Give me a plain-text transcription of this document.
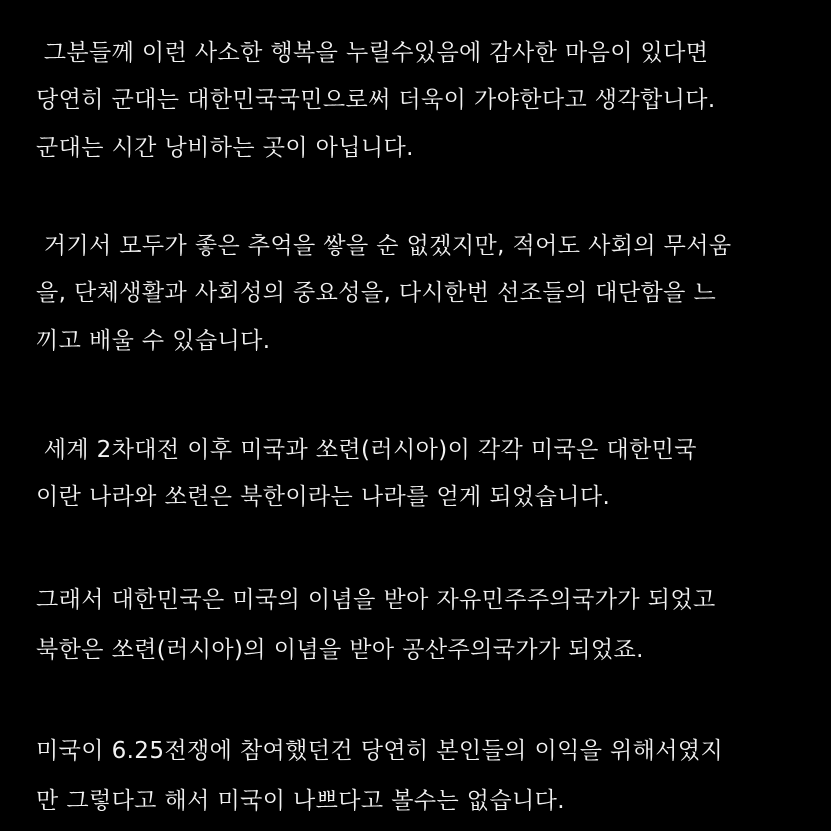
그분들께 이런 사소한 행복을 누릴수있음에 감사한 마음이 있다면
당연히 군대는 대한민국국민으로써 더욱이 가야한다고 생각합니다.
군대는 시간 낭비하는 곳이 아닙니다.
거기서 모두가 좋은 추억을 쌓을 순 없겠지만, 적어도 사회의 무서움
을, 단체생활과 사회성의 중요성을, 다시한번 선조들의 대단함을 느
끼고 배울 수 있습니다.
세계 2차대전 이후 미국과 쏘련(러시아)이 각각 미국은 대한민국
이란 나라와 쏘련은 북한이라는 나라를 얻게 되었습니다.
그래서 대한민국은 미국의 이념을 받아 자유민주주의국가가 되었고
북한은 쏘련(러시아)의 이념을 받아 공산주의국가가 되었죠.
미국이 6.25전쟁에 참여했던건 당연히 본인들의 이익을 위해서였지
만 그렇다고 해서 미국이 나쁘다고 볼수는 없습니다.
